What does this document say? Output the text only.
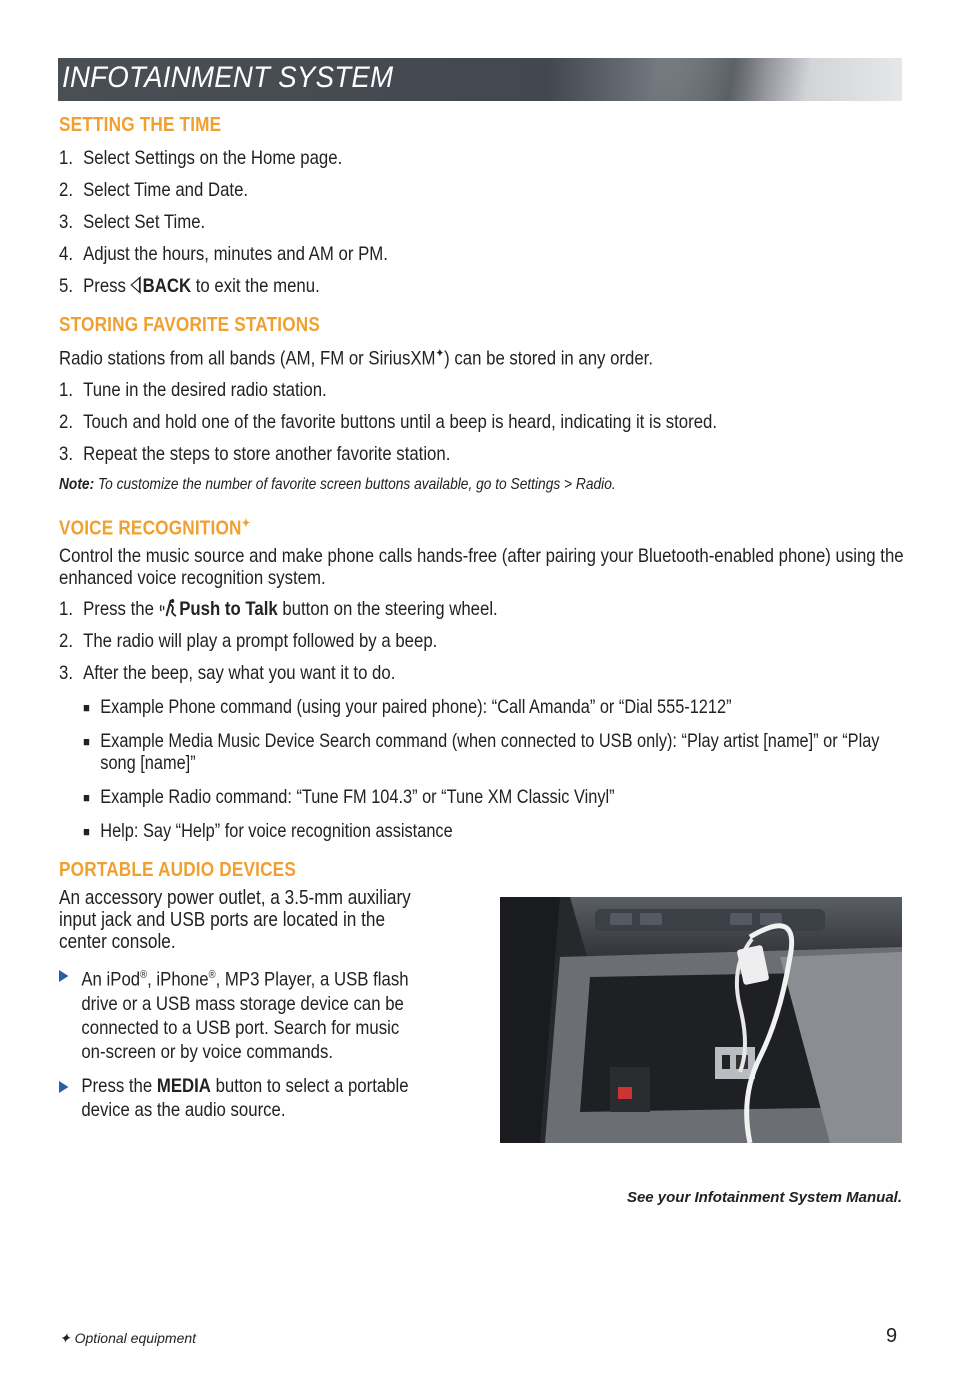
INFOTAINMENT SYSTEM
SETTING THE TIME
1. Select Settings on the Home page.
2. Select Time and Date.
3. Select Set Time.
4. Adjust the hours, minutes and AM or PM.
5. Press BACK to exit the menu.
STORING FAVORITE STATIONS
Radio stations from all bands (AM, FM or SiriusXM✦) can be stored in any order.
1. Tune in the desired radio station.
2. Touch and hold one of the favorite buttons until a beep is heard, indicating it is stored.
3. Repeat the steps to store another favorite station.
Note: To customize the number of favorite screen buttons available, go to Settings > Radio.
VOICE RECOGNITION✦
Control the music source and make phone calls hands-free (after pairing your Bluetooth-enabled phone) using the enhanced voice recognition system.
1. Press the Push to Talk button on the steering wheel.
2. The radio will play a prompt followed by a beep.
3. After the beep, say what you want it to do.
■ Example Phone command (using your paired phone): “Call Amanda” or “Dial 555-1212”
■ Example Media Music Device Search command (when connected to USB only): “Play artist [name]” or “Play song [name]”
■ Example Radio command: “Tune FM 104.3” or “Tune XM Classic Vinyl”
■ Help: Say “Help” for voice recognition assistance
PORTABLE AUDIO DEVICES
An accessory power outlet, a 3.5-mm auxiliary input jack and USB ports are located in the center console.
An iPod®, iPhone®, MP3 Player, a USB flash drive or a USB mass storage device can be connected to a USB port. Search for music on-screen or by voice commands.
Press the MEDIA button to select a portable device as the audio source.
See your Infotainment System Manual.
✦ Optional equipment	9
